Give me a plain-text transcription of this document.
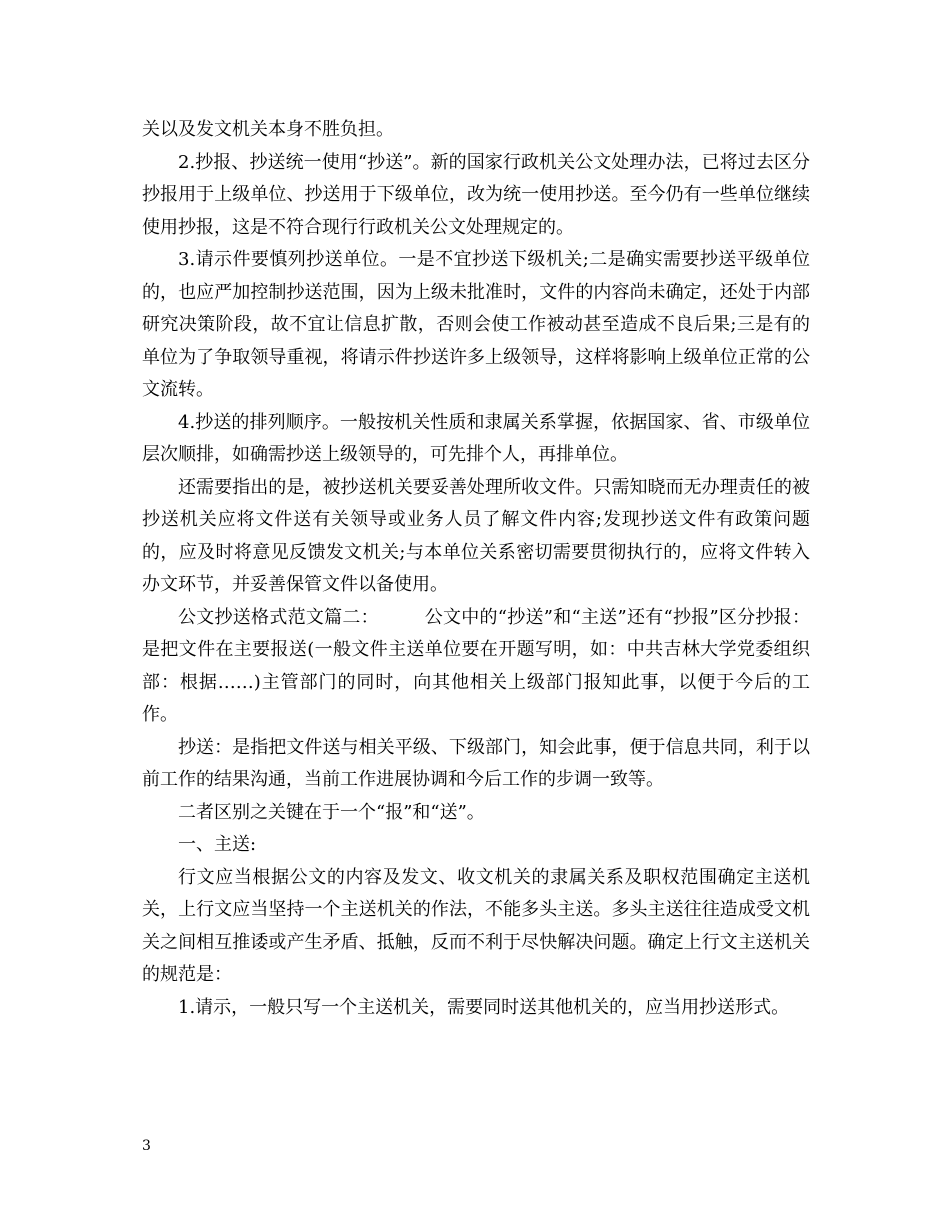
关以及发文机关本身不胜负担。

2.抄报、抄送统一使用“抄送”。新的国家行政机关公文处理办法，已将过去区分抄报用于上级单位、抄送用于下级单位，改为统一使用抄送。至今仍有一些单位继续使用抄报，这是不符合现行行政机关公文处理规定的。

3.请示件要慎列抄送单位。一是不宜抄送下级机关;二是确实需要抄送平级单位的，也应严加控制抄送范围，因为上级未批准时，文件的内容尚未确定，还处于内部研究决策阶段，故不宜让信息扩散，否则会使工作被动甚至造成不良后果;三是有的单位为了争取领导重视，将请示件抄送许多上级领导，这样将影响上级单位正常的公文流转。

4.抄送的排列顺序。一般按机关性质和隶属关系掌握，依据国家、省、市级单位层次顺排，如确需抄送上级领导的，可先排个人，再排单位。

还需要指出的是，被抄送机关要妥善处理所收文件。只需知晓而无办理责任的被抄送机关应将文件送有关领导或业务人员了解文件内容;发现抄送文件有政策问题的，应及时将意见反馈发文机关;与本单位关系密切需要贯彻执行的，应将文件转入办文环节，并妥善保管文件以备使用。

公文抄送格式范文篇二：　　　公文中的“抄送”和“主送”还有“抄报”区分抄报：是把文件在主要报送(一般文件主送单位要在开题写明，如：中共吉林大学党委组织部：根据……)主管部门的同时，向其他相关上级部门报知此事，以便于今后的工作。

抄送：是指把文件送与相关平级、下级部门，知会此事，便于信息共同，利于以前工作的结果沟通，当前工作进展协调和今后工作的步调一致等。

二者区别之关键在于一个“报”和“送”。

一、主送:

行文应当根据公文的内容及发文、收文机关的隶属关系及职权范围确定主送机关，上行文应当坚持一个主送机关的作法，不能多头主送。多头主送往往造成受文机关之间相互推诿或产生矛盾、抵触，反而不利于尽快解决问题。确定上行文主送机关的规范是：

1.请示，一般只写一个主送机关，需要同时送其他机关的，应当用抄送形式。

3
